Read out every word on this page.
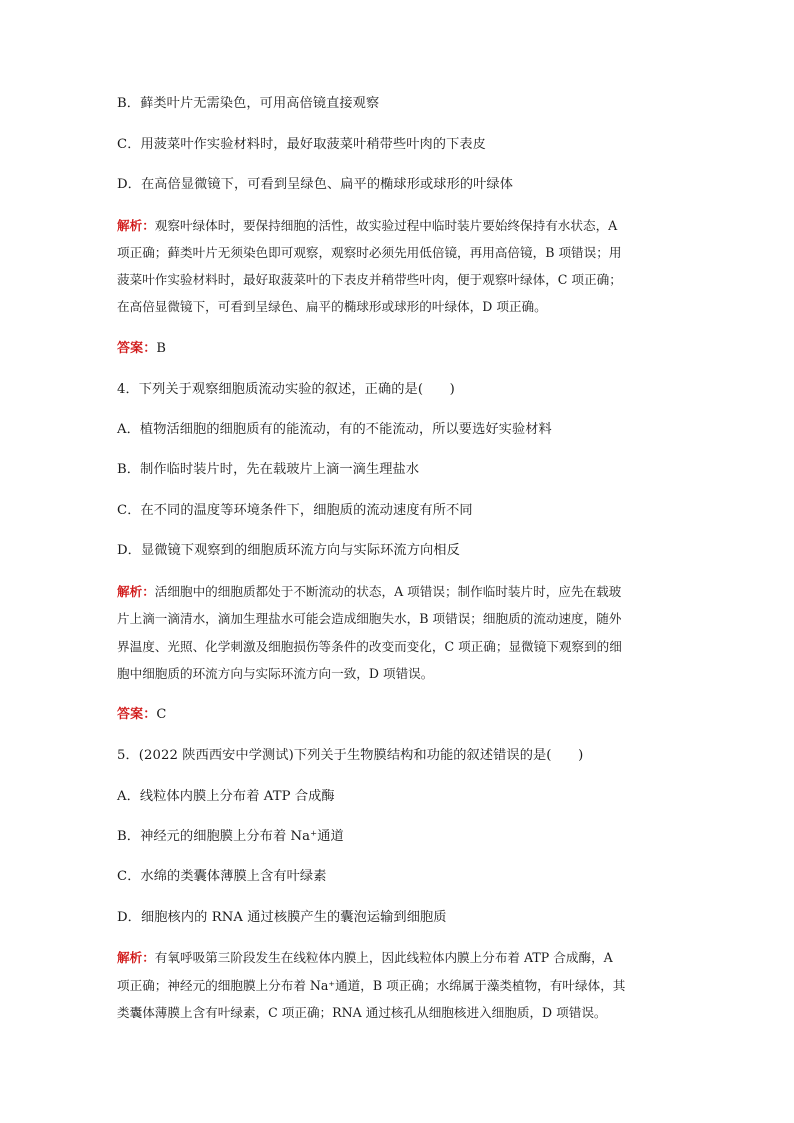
B．藓类叶片无需染色，可用高倍镜直接观察
C．用菠菜叶作实验材料时，最好取菠菜叶稍带些叶肉的下表皮
D．在高倍显微镜下，可看到呈绿色、扁平的椭球形或球形的叶绿体
解析：观察叶绿体时，要保持细胞的活性，故实验过程中临时装片要始终保持有水状态，A
项正确；藓类叶片无须染色即可观察，观察时必须先用低倍镜，再用高倍镜，B 项错误；用
菠菜叶作实验材料时，最好取菠菜叶的下表皮并稍带些叶肉，便于观察叶绿体，C 项正确；
在高倍显微镜下，可看到呈绿色、扁平的椭球形或球形的叶绿体，D 项正确。
答案：B
4．下列关于观察细胞质流动实验的叙述，正确的是(　　)
A．植物活细胞的细胞质有的能流动，有的不能流动，所以要选好实验材料
B．制作临时装片时，先在载玻片上滴一滴生理盐水
C．在不同的温度等环境条件下，细胞质的流动速度有所不同
D．显微镜下观察到的细胞质环流方向与实际环流方向相反
解析：活细胞中的细胞质都处于不断流动的状态，A 项错误；制作临时装片时，应先在载玻
片上滴一滴清水，滴加生理盐水可能会造成细胞失水，B 项错误；细胞质的流动速度，随外
界温度、光照、化学刺激及细胞损伤等条件的改变而变化，C 项正确；显微镜下观察到的细
胞中细胞质的环流方向与实际环流方向一致，D 项错误。
答案：C
5．(2022 陕西西安中学测试)下列关于生物膜结构和功能的叙述错误的是(　　)
A．线粒体内膜上分布着 ATP 合成酶
B．神经元的细胞膜上分布着 Na⁺通道
C．水绵的类囊体薄膜上含有叶绿素
D．细胞核内的 RNA 通过核膜产生的囊泡运输到细胞质
解析：有氧呼吸第三阶段发生在线粒体内膜上，因此线粒体内膜上分布着 ATP 合成酶，A
项正确；神经元的细胞膜上分布着 Na⁺通道，B 项正确；水绵属于藻类植物，有叶绿体，其
类囊体薄膜上含有叶绿素，C 项正确；RNA 通过核孔从细胞核进入细胞质，D 项错误。
